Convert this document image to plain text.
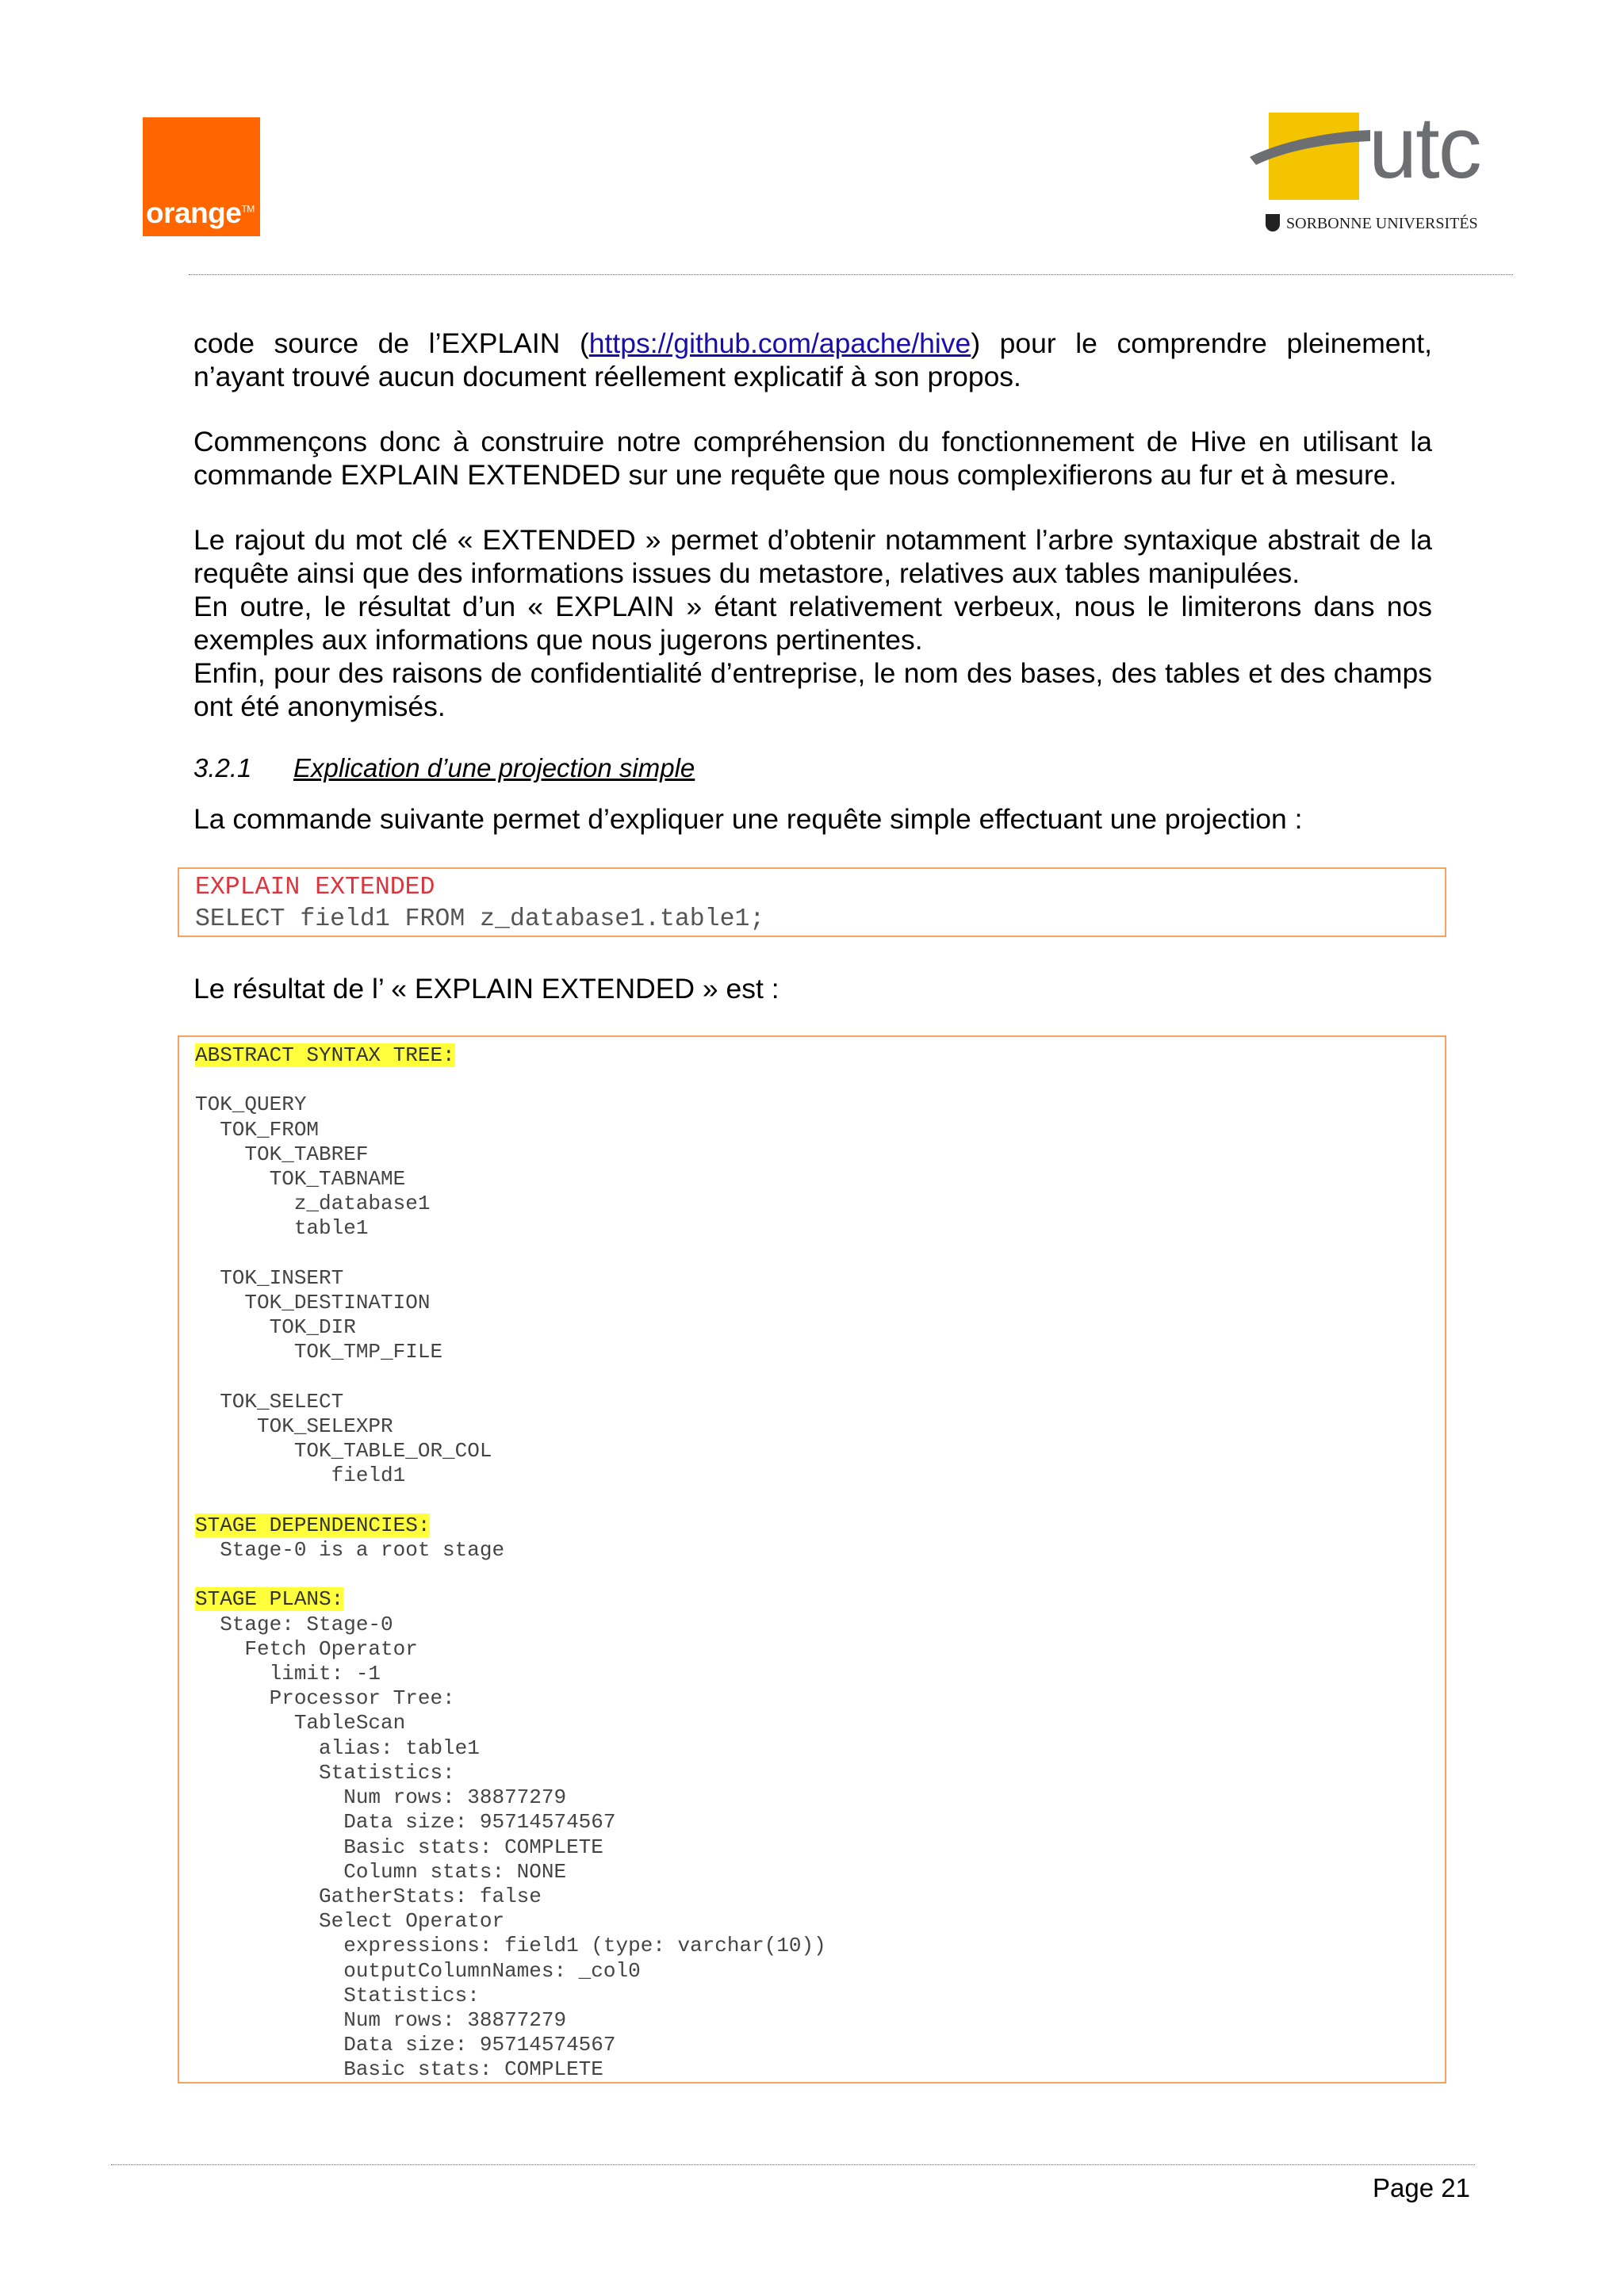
orange™
utc
SORBONNE UNIVERSITÉS

code source de l’EXPLAIN (https://github.com/apache/hive) pour le comprendre pleinement, n’ayant trouvé aucun document réellement explicatif à son propos.

Commençons donc à construire notre compréhension du fonctionnement de Hive en utilisant la commande EXPLAIN EXTENDED sur une requête que nous complexifierons au fur et à mesure.

Le rajout du mot clé « EXTENDED » permet d’obtenir notamment l’arbre syntaxique abstrait de la requête ainsi que des informations issues du metastore, relatives aux tables manipulées.

En outre, le résultat d’un « EXPLAIN » étant relativement verbeux, nous le limiterons dans nos exemples aux informations que nous jugerons pertinentes.

Enfin, pour des raisons de confidentialité d’entreprise, le nom des bases, des tables et des champs ont été anonymisés.

3.2.1 Explication d’une projection simple

La commande suivante permet d’expliquer une requête simple effectuant une projection :

EXPLAIN EXTENDED
SELECT field1 FROM z_database1.table1;

Le résultat de l’ « EXPLAIN EXTENDED » est :

ABSTRACT SYNTAX TREE:

TOK_QUERY
TOK_FROM
TOK_TABREF
TOK_TABNAME
z_database1
table1

TOK_INSERT
TOK_DESTINATION
TOK_DIR
TOK_TMP_FILE

TOK_SELECT
TOK_SELEXPR
TOK_TABLE_OR_COL
field1

STAGE DEPENDENCIES:
Stage-0 is a root stage

STAGE PLANS:
Stage: Stage-0
Fetch Operator
limit: -1
Processor Tree:
TableScan
alias: table1
Statistics:
Num rows: 38877279
Data size: 95714574567
Basic stats: COMPLETE
Column stats: NONE
GatherStats: false
Select Operator
expressions: field1 (type: varchar(10))
outputColumnNames: _col0
Statistics:
Num rows: 38877279
Data size: 95714574567
Basic stats: COMPLETE
Page 21
